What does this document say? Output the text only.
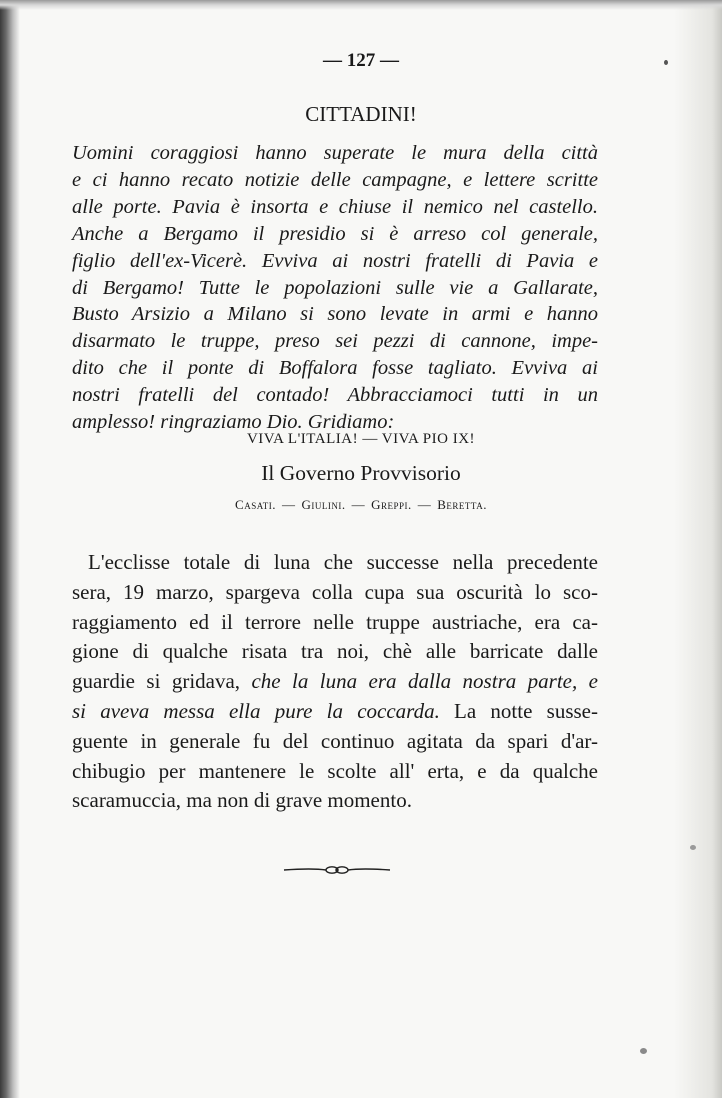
— 127 —
CITTADINI!
Uomini coraggiosi hanno superate le mura della città
e ci hanno recato notizie delle campagne, e lettere scritte
alle porte. Pavia è insorta e chiuse il nemico nel castello.
Anche a Bergamo il presidio si è arreso col generale,
figlio dell'ex-Vicerè. Evviva ai nostri fratelli di Pavia e
di Bergamo! Tutte le popolazioni sulle vie a Gallarate,
Busto Arsizio a Milano si sono levate in armi e hanno
disarmato le truppe, preso sei pezzi di cannone, impe-
dito che il ponte di Boffalora fosse tagliato. Evviva ai
nostri fratelli del contado! Abbracciamoci tutti in un
amplesso! ringraziamo Dio. Gridiamo:
VIVA L'ITALIA! — VIVA PIO IX!
Il Governo Provvisorio
Casati. — Giulini. — Greppi. — Beretta.
L'ecclisse totale di luna che successe nella precedente
sera, 19 marzo, spargeva colla cupa sua oscurità lo sco-
raggiamento ed il terrore nelle truppe austriache, era ca-
gione di qualche risata tra noi, chè alle barricate dalle
guardie si gridava, che la luna era dalla nostra parte, e
si aveva messa ella pure la coccarda. La notte susse-
guente in generale fu del continuo agitata da spari d'ar-
chibugio per mantenere le scolte all' erta, e da qualche
scaramuccia, ma non di grave momento.
